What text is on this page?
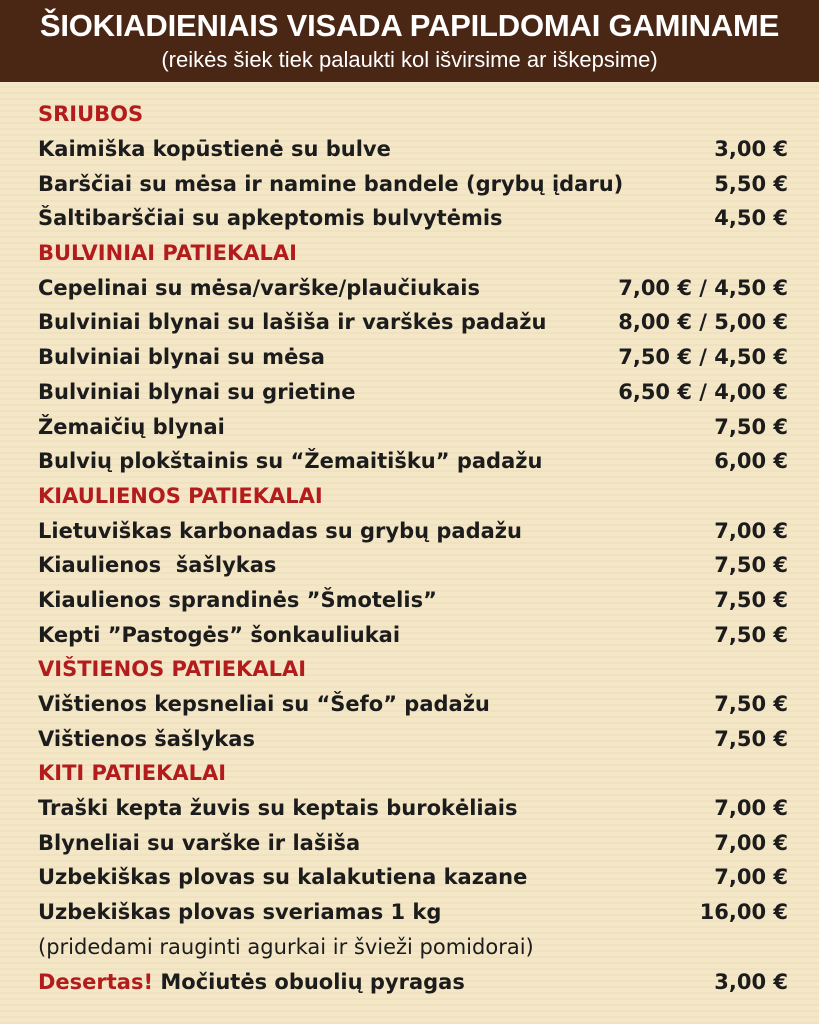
ŠIOKIADIENIAIS VISADA PAPILDOMAI GAMINAME
(reikės šiek tiek palaukti kol išvirsime ar iškepsime)
SRIUBOS
Kaimiška kopūstienė su bulve	3,00 €
Barščiai su mėsa ir namine bandele (grybų įdaru)	5,50 €
Šaltibarščiai su apkeptomis bulvytėmis	4,50 €
BULVINIAI PATIEKALAI
Cepelinai su mėsa/varške/plaučiukais	7,00 € / 4,50 €
Bulviniai blynai su lašiša ir varškės padažu	8,00 € / 5,00 €
Bulviniai blynai su mėsa	7,50 € / 4,50 €
Bulviniai blynai su grietine	6,50 € / 4,00 €
Žemaičių blynai	7,50 €
Bulvių plokštainis su “Žemaitišku” padažu	6,00 €
KIAULIENOS PATIEKALAI
Lietuviškas karbonadas su grybų padažu	7,00 €
Kiaulienos  šašlykas	7,50 €
Kiaulienos sprandinės ”Šmotelis”	7,50 €
Kepti ”Pastogės” šonkauliukai	7,50 €
VIŠTIENOS PATIEKALAI
Vištienos kepsneliai su “Šefo” padažu	7,50 €
Vištienos šašlykas	7,50 €
KITI PATIEKALAI
Traški kepta žuvis su keptais burokėliais	7,00 €
Blyneliai su varške ir lašiša	7,00 €
Uzbekiškas plovas su kalakutiena kazane	7,00 €
Uzbekiškas plovas sveriamas 1 kg	16,00 €
(pridedami rauginti agurkai ir švieži pomidorai)
Desertas! Močiutės obuolių pyragas	3,00 €
